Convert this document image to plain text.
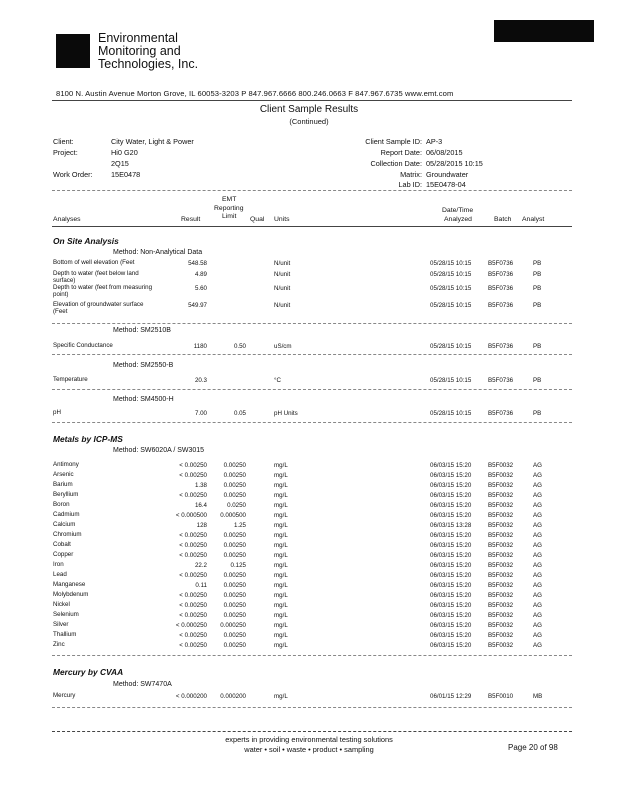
Environmental
Monitoring and
Technologies, Inc.
8100 N. Austin Avenue Morton Grove, IL 60053-3203 P 847.967.6666 800.246.0663 F 847.967.6735 www.emt.com
Client Sample Results
(Continued)
Client:	City Water, Light & Power
Project:	Hi0 G20
2Q15
Work Order:	15E0478
Client Sample ID: AP-3
Report Date: 06/08/2015
Collection Date: 05/28/2015 10:15
Matrix: Groundwater
Lab ID: 15E0478-04
EMT
Reporting
Analyses	Result	Limit Qual Units
Date/Time
Analyzed	Batch Analyst
On Site Analysis
Method: Non-Analytical Data
Bottom of well elevation (Feet	548.58	N/unit	05/28/15 10:15	B5F0736	PB
Depth to water (feet below land surface)
4.89	N/unit	05/28/15 10:15	B5F0736	PB
Depth to water (feet from measuring point)
5.60	N/unit	05/28/15 10:15	B5F0736	PB
Elevation of groundwater surface (Feet
549.97	N/unit	05/28/15 10:15	B5F0736	PB
Method: SM2510B
Specific Conductance	1180	0.50	uS/cm	05/28/15 10:15	B5F0736	PB
Method: SM2550-B
Temperature	20.3	°C	05/28/15 10:15	B5F0736	PB
Method: SM4500-H
pH	7.00	0.05	pH Units	05/28/15 10:15	B5F0736	PB
Metals by ICP-MS
Method: SW6020A / SW3015
Antimony	< 0.00250	0.00250	mg/L	06/03/15 15:20	B5F0032	AG
Arsenic	< 0.00250	0.00250	mg/L	06/03/15 15:20	B5F0032	AG
Barium	1.38	0.00250	mg/L	06/03/15 15:20	B5F0032	AG
Beryllium	< 0.00250	0.00250	mg/L	06/03/15 15:20	B5F0032	AG
Boron	16.4	0.0250	mg/L	06/03/15 15:20	B5F0032	AG
Cadmium	< 0.000500	0.000500	mg/L	06/03/15 15:20	B5F0032	AG
Calcium	128	1.25	mg/L	06/03/15 13:28	B5F0032	AG
Chromium	< 0.00250	0.00250	mg/L	06/03/15 15:20	B5F0032	AG
Cobalt	< 0.00250	0.00250	mg/L	06/03/15 15:20	B5F0032	AG
Copper	< 0.00250	0.00250	mg/L	06/03/15 15:20	B5F0032	AG
Iron	22.2	0.125	mg/L	06/03/15 15:20	B5F0032	AG
Lead	< 0.00250	0.00250	mg/L	06/03/15 15:20	B5F0032	AG
Manganese	0.11	0.00250	mg/L	06/03/15 15:20	B5F0032	AG
Molybdenum	< 0.00250	0.00250	mg/L	06/03/15 15:20	B5F0032	AG
Nickel	< 0.00250	0.00250	mg/L	06/03/15 15:20	B5F0032	AG
Selenium	< 0.00250	0.00250	mg/L	06/03/15 15:20	B5F0032	AG
Silver	< 0.000250	0.000250	mg/L	06/03/15 15:20	B5F0032	AG
Thallium	< 0.00250	0.00250	mg/L	06/03/15 15:20	B5F0032	AG
Zinc	< 0.00250	0.00250	mg/L	06/03/15 15:20	B5F0032	AG
Mercury by CVAA
Method: SW7470A
Mercury	< 0.000200	0.000200	mg/L	06/01/15 12:29	B5F0010	MB
experts in providing environmental testing solutions
water • soil • waste • product • sampling	Page 20 of 98
